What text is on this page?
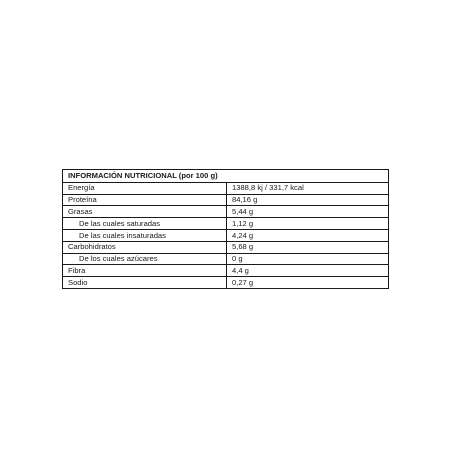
INFORMACIÓN NUTRICIONAL (por 100 g)	
Energía	1388,8 kj / 331,7 kcal
Proteína	84,16 g
Grasas	5,44 g
De las cuales saturadas	1,12 g
De las cuales insaturadas	4,24 g
Carbohidratos	5,68 g
De los cuales azúcares	0 g
Fibra	4,4 g
Sodio	0,27 g
